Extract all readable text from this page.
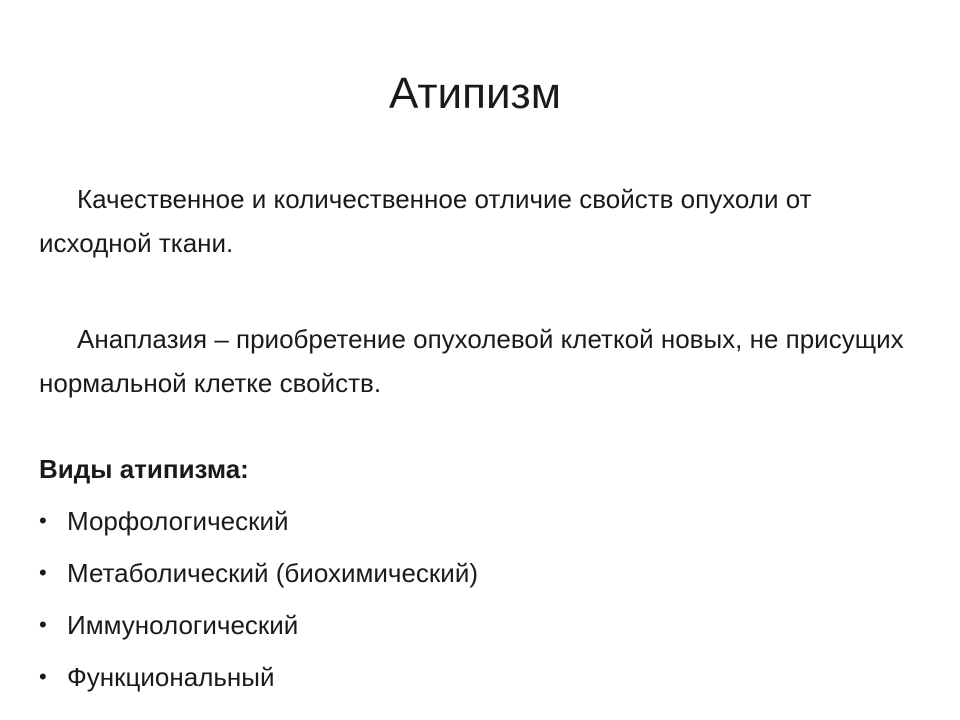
Атипизм

Качественное и количественное отличие свойств опухоли от исходной ткани.

Анаплазия – приобретение опухолевой клеткой новых, не присущих нормальной клетке свойств.

Виды атипизма:

• Морфологический
• Метаболический (биохимический)
• Иммунологический
• Функциональный
